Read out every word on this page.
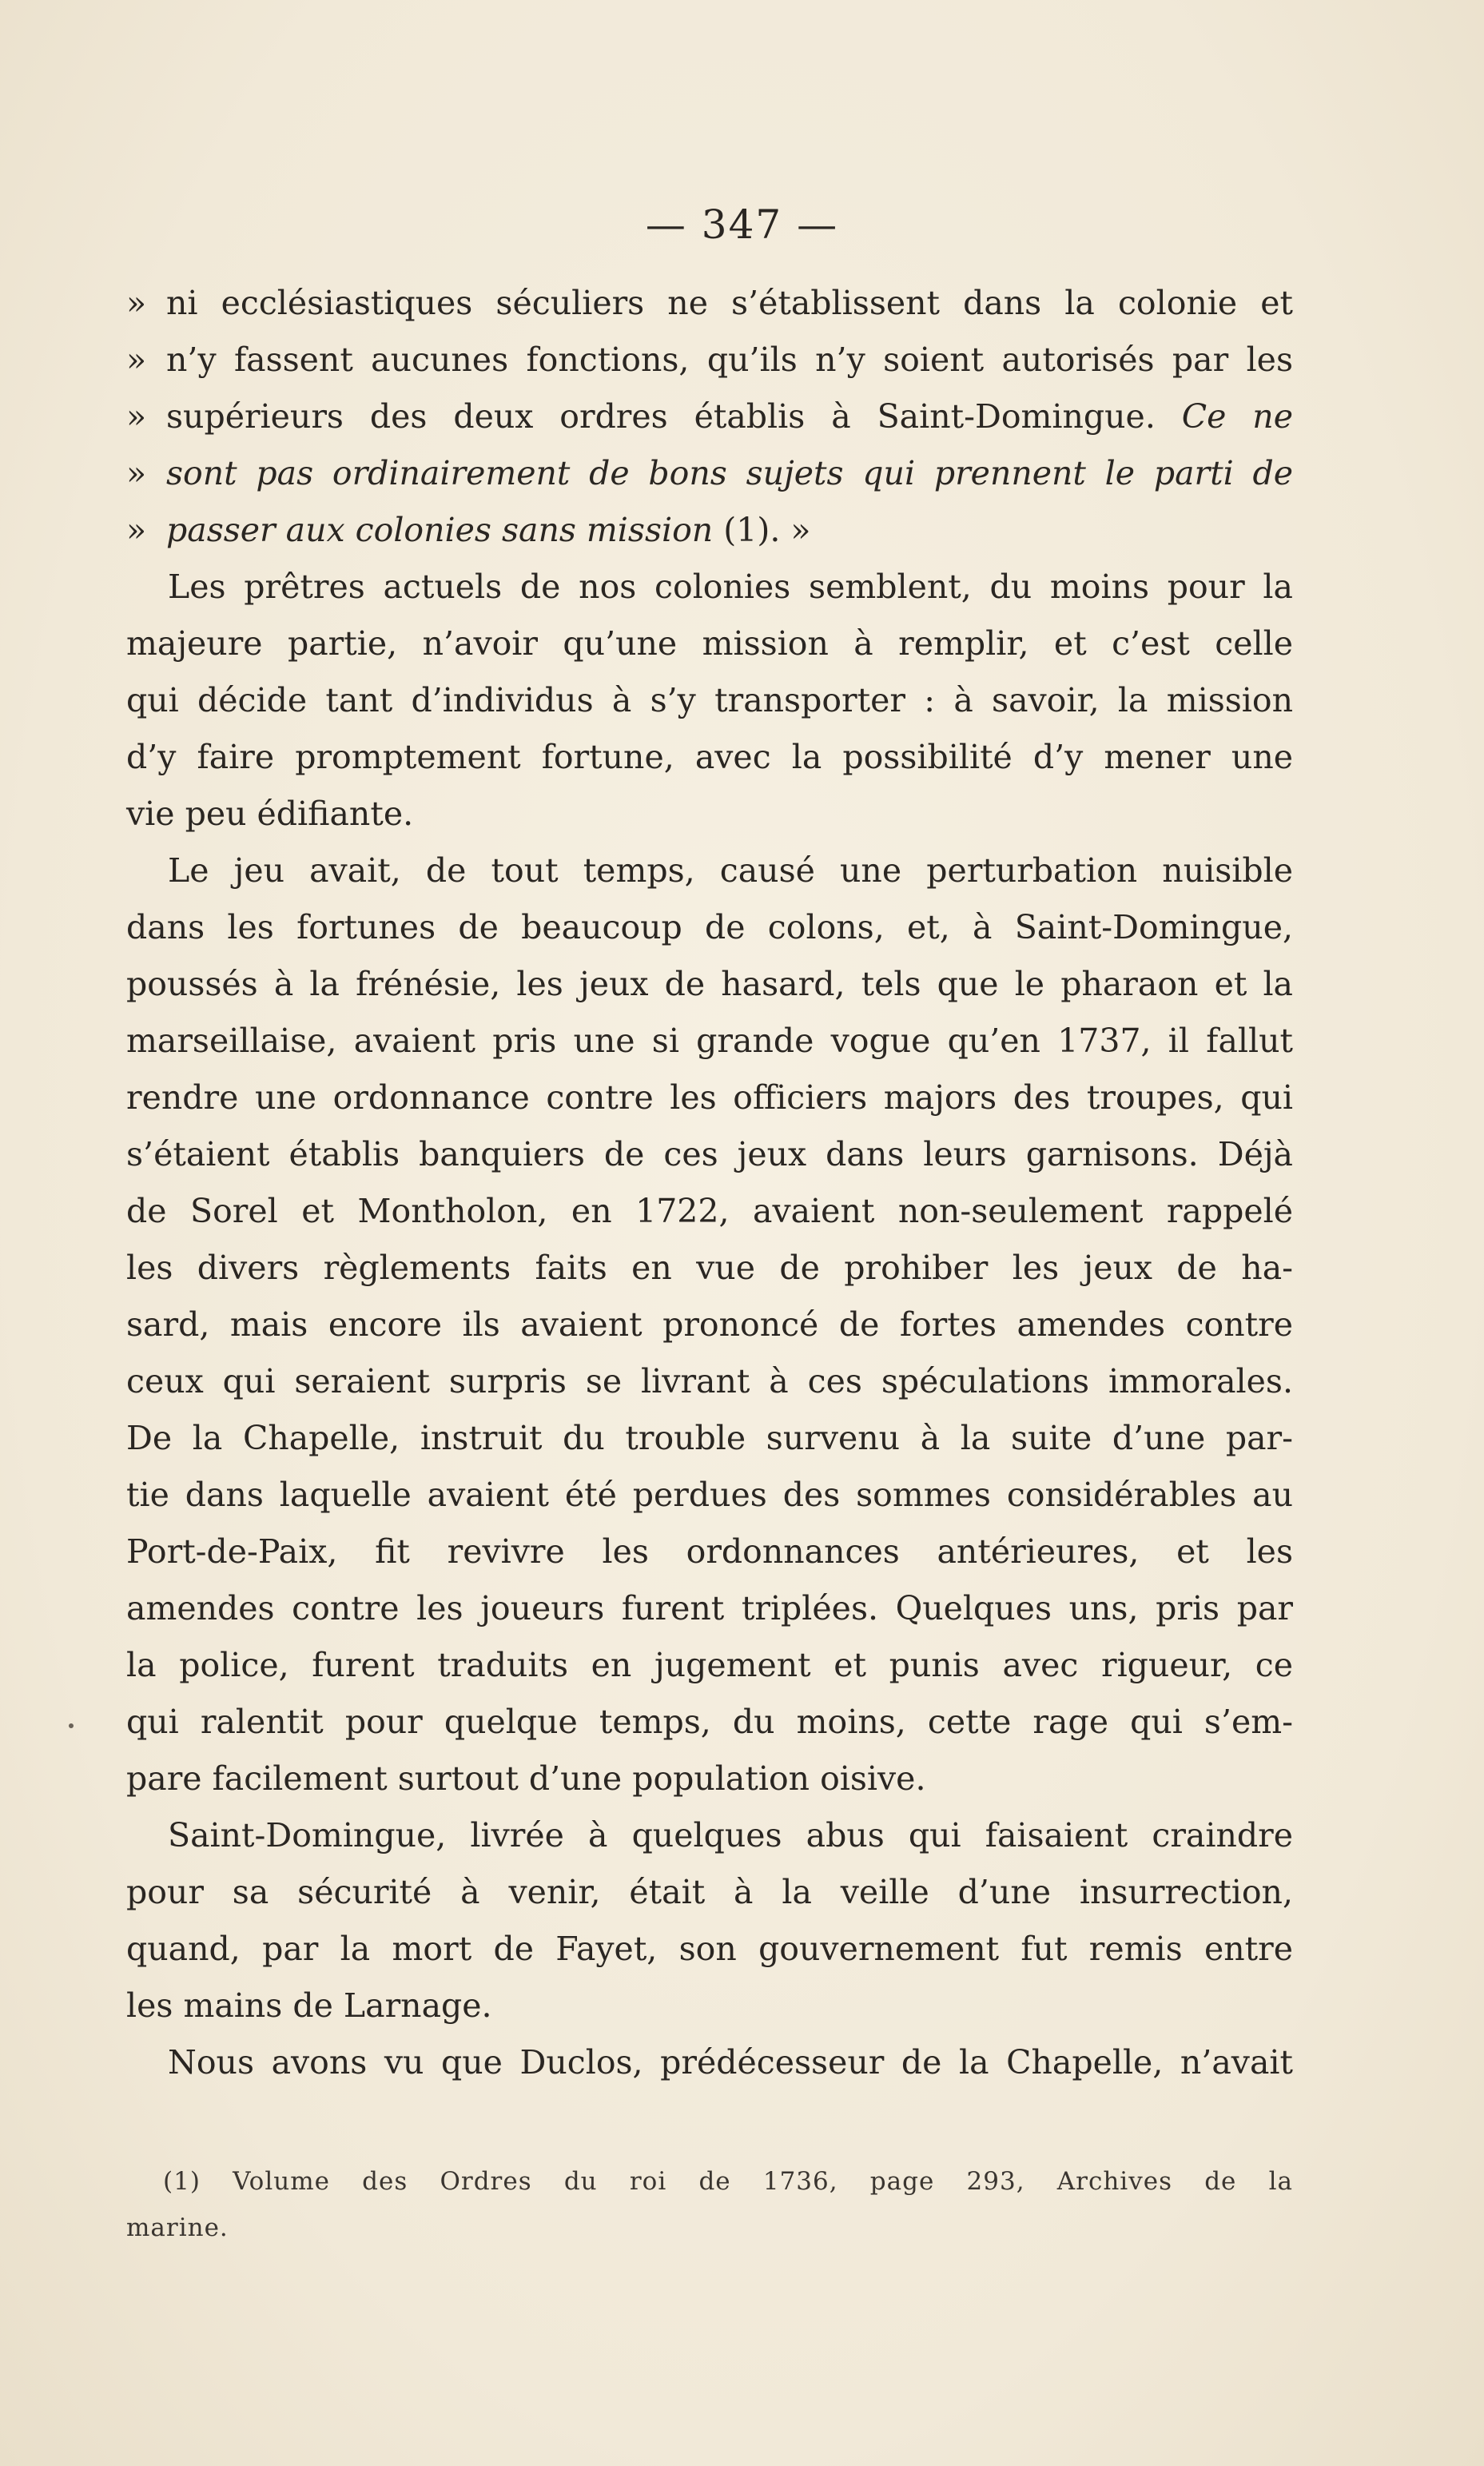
— 347 —
» ni ecclésiastiques séculiers ne s’établissent dans la colonie et
» n’y fassent aucunes fonctions, qu’ils n’y soient autorisés par les
» supérieurs des deux ordres établis à Saint-Domingue. Ce ne
» sont pas ordinairement de bons sujets qui prennent le parti de
» passer aux colonies sans mission (1). »
Les prêtres actuels de nos colonies semblent, du moins pour la
majeure partie, n’avoir qu’une mission à remplir, et c’est celle
qui décide tant d’individus à s’y transporter : à savoir, la mission
d’y faire promptement fortune, avec la possibilité d’y mener une
vie peu édifiante.
Le jeu avait, de tout temps, causé une perturbation nuisible
dans les fortunes de beaucoup de colons, et, à Saint-Domingue,
poussés à la frénésie, les jeux de hasard, tels que le pharaon et la
marseillaise, avaient pris une si grande vogue qu’en 1737, il fallut
rendre une ordonnance contre les officiers majors des troupes, qui
s’étaient établis banquiers de ces jeux dans leurs garnisons. Déjà
de Sorel et Montholon, en 1722, avaient non-seulement rappelé
les divers règlements faits en vue de prohiber les jeux de ha-
sard, mais encore ils avaient prononcé de fortes amendes contre
ceux qui seraient surpris se livrant à ces spéculations immorales.
De la Chapelle, instruit du trouble survenu à la suite d’une par-
tie dans laquelle avaient été perdues des sommes considérables au
Port-de-Paix, fit revivre les ordonnances antérieures, et les
amendes contre les joueurs furent triplées. Quelques uns, pris par
la police, furent traduits en jugement et punis avec rigueur, ce
qui ralentit pour quelque temps, du moins, cette rage qui s’em-
pare facilement surtout d’une population oisive.
Saint-Domingue, livrée à quelques abus qui faisaient craindre
pour sa sécurité à venir, était à la veille d’une insurrection,
quand, par la mort de Fayet, son gouvernement fut remis entre
les mains de Larnage.
Nous avons vu que Duclos, prédécesseur de la Chapelle, n’avait
(1) Volume des Ordres du roi de 1736, page 293, Archives de la
marine.
